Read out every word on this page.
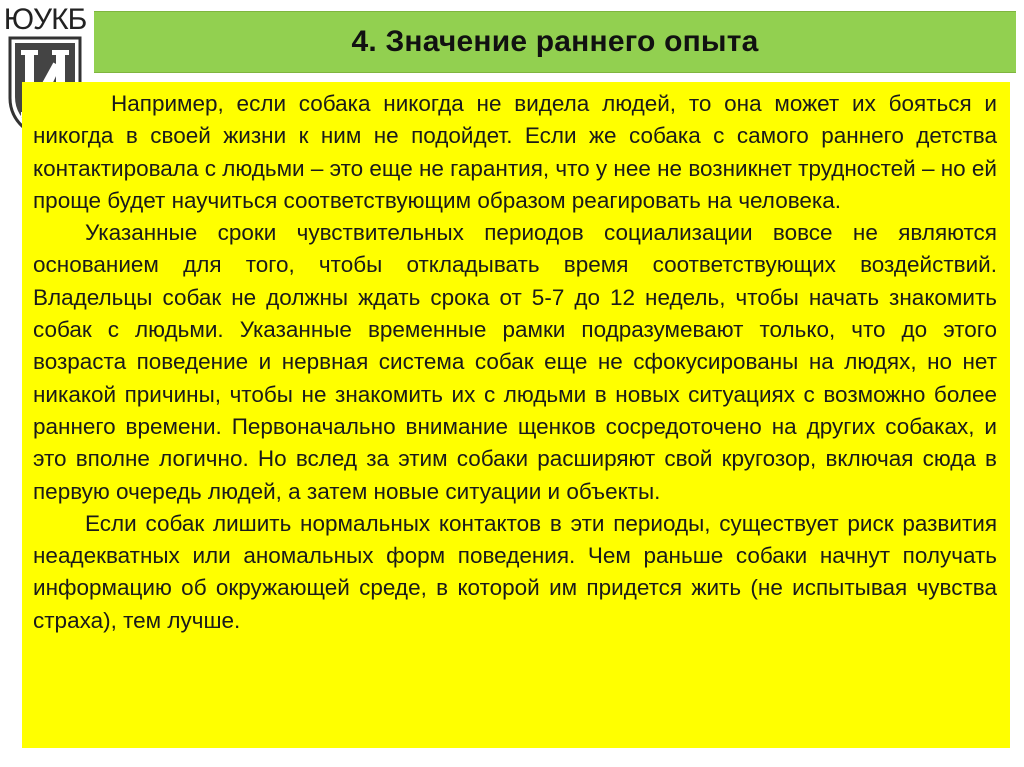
ЮУКБ
4. Значение раннего опыта

Например, если собака никогда не видела людей, то она может их бояться и никогда в своей жизни к ним не подойдет. Если же собака с самого раннего детства контактировала с людьми – это еще не гарантия, что у нее не возникнет трудностей – но ей проще будет научиться соответствующим образом реагировать на человека.

Указанные сроки чувствительных периодов социализации вовсе не являются основанием для того, чтобы откладывать время соответствующих воздействий. Владельцы собак не должны ждать срока от 5-7 до 12 недель, чтобы начать знакомить собак с людьми. Указанные временные рамки подразумевают только, что до этого возраста поведение и нервная система собак еще не сфокусированы на людях, но нет никакой причины, чтобы не знакомить их с людьми в новых ситуациях с возможно более раннего времени. Первоначально внимание щенков сосредоточено на других собаках, и это вполне логично. Но вслед за этим собаки расширяют свой кругозор, включая сюда в первую очередь людей, а затем новые ситуации и объекты.

Если собак лишить нормальных контактов в эти периоды, существует риск развития неадекватных или аномальных форм поведения. Чем раньше собаки начнут получать информацию об окружающей среде, в которой им придется жить (не испытывая чувства страха), тем лучше.
